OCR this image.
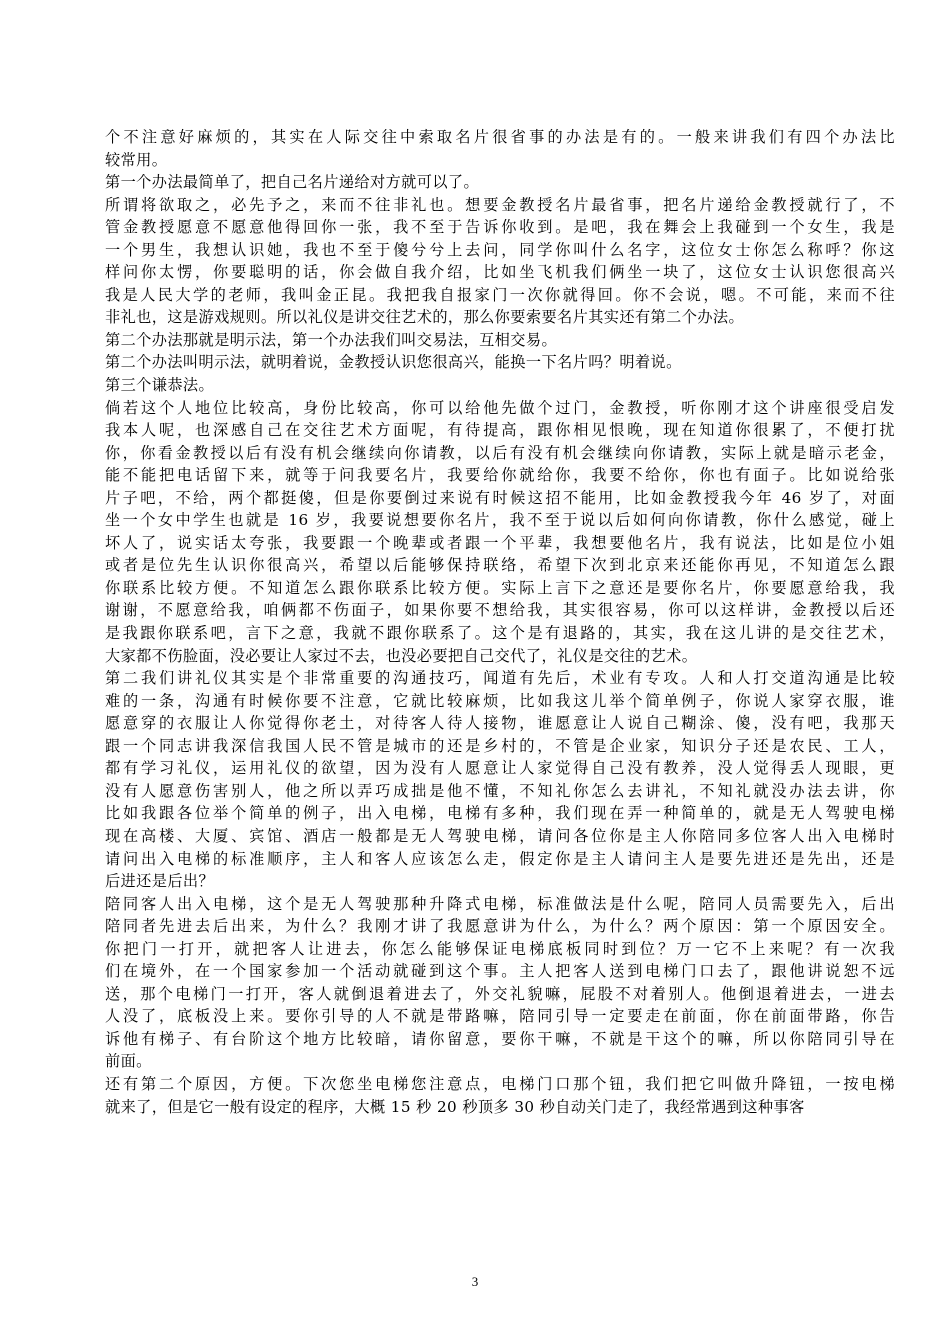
个不注意好麻烦的，其实在人际交往中索取名片很省事的办法是有的。一般来讲我们有四个办法比
较常用。
第一个办法最简单了，把自己名片递给对方就可以了。
所谓将欲取之，必先予之，来而不往非礼也。想要金教授名片最省事，把名片递给金教授就行了，不
管金教授愿意不愿意他得回你一张，我不至于告诉你收到。是吧，我在舞会上我碰到一个女生，我是
一个男生，我想认识她，我也不至于傻兮兮上去问，同学你叫什么名字，这位女士你怎么称呼？你这
样问你太愣，你要聪明的话，你会做自我介绍，比如坐飞机我们俩坐一块了，这位女士认识您很高兴
我是人民大学的老师，我叫金正昆。我把我自报家门一次你就得回。你不会说，嗯。不可能，来而不往
非礼也，这是游戏规则。所以礼仪是讲交往艺术的，那么你要索要名片其实还有第二个办法。
第二个办法那就是明示法，第一个办法我们叫交易法，互相交易。
第二个办法叫明示法，就明着说，金教授认识您很高兴，能换一下名片吗？明着说。
第三个谦恭法。
倘若这个人地位比较高，身份比较高，你可以给他先做个过门，金教授，听你刚才这个讲座很受启发
我本人呢，也深感自己在交往艺术方面呢，有待提高，跟你相见恨晚，现在知道你很累了，不便打扰
你，你看金教授以后有没有机会继续向你请教，以后有没有机会继续向你请教，实际上就是暗示老金，
能不能把电话留下来，就等于问我要名片，我要给你就给你，我要不给你，你也有面子。比如说给张
片子吧，不给，两个都挺傻，但是你要倒过来说有时候这招不能用，比如金教授我今年 46 岁了，对面
坐一个女中学生也就是 16 岁，我要说想要你名片，我不至于说以后如何向你请教，你什么感觉，碰上
坏人了，说实话太夸张，我要跟一个晚辈或者跟一个平辈，我想要他名片，我有说法，比如是位小姐
或者是位先生认识你很高兴，希望以后能够保持联络，希望下次到北京来还能你再见，不知道怎么跟
你联系比较方便。不知道怎么跟你联系比较方便。实际上言下之意还是要你名片，你要愿意给我，我
谢谢，不愿意给我，咱俩都不伤面子，如果你要不想给我，其实很容易，你可以这样讲，金教授以后还
是我跟你联系吧，言下之意，我就不跟你联系了。这个是有退路的，其实，我在这儿讲的是交往艺术，
大家都不伤脸面，没必要让人家过不去，也没必要把自己交代了，礼仪是交往的艺术。
第二我们讲礼仪其实是个非常重要的沟通技巧，闻道有先后，术业有专攻。人和人打交道沟通是比较
难的一条，沟通有时候你要不注意，它就比较麻烦，比如我这儿举个简单例子，你说人家穿衣服，谁
愿意穿的衣服让人你觉得你老土，对待客人待人接物，谁愿意让人说自己糊涂、傻，没有吧，我那天
跟一个同志讲我深信我国人民不管是城市的还是乡村的，不管是企业家，知识分子还是农民、工人，
都有学习礼仪，运用礼仪的欲望，因为没有人愿意让人家觉得自己没有教养，没人觉得丢人现眼，更
没有人愿意伤害别人，他之所以弄巧成拙是他不懂，不知礼你怎么去讲礼，不知礼就没办法去讲，你
比如我跟各位举个简单的例子，出入电梯，电梯有多种，我们现在弄一种简单的，就是无人驾驶电梯
现在高楼、大厦、宾馆、酒店一般都是无人驾驶电梯，请问各位你是主人你陪同多位客人出入电梯时
请问出入电梯的标准顺序，主人和客人应该怎么走，假定你是主人请问主人是要先进还是先出，还是
后进还是后出？
陪同客人出入电梯，这个是无人驾驶那种升降式电梯，标准做法是什么呢，陪同人员需要先入，后出
陪同者先进去后出来，为什么？我刚才讲了我愿意讲为什么，为什么？两个原因：第一个原因安全。
你把门一打开，就把客人让进去，你怎么能够保证电梯底板同时到位？万一它不上来呢？有一次我
们在境外，在一个国家参加一个活动就碰到这个事。主人把客人送到电梯门口去了，跟他讲说恕不远
送，那个电梯门一打开，客人就倒退着进去了，外交礼貌嘛，屁股不对着别人。他倒退着进去，一进去
人没了，底板没上来。要你引导的人不就是带路嘛，陪同引导一定要走在前面，你在前面带路，你告
诉他有梯子、有台阶这个地方比较暗，请你留意，要你干嘛，不就是干这个的嘛，所以你陪同引导在
前面。
还有第二个原因，方便。下次您坐电梯您注意点，电梯门口那个钮，我们把它叫做升降钮，一按电梯
就来了，但是它一般有设定的程序，大概 15 秒 20 秒顶多 30 秒自动关门走了，我经常遇到这种事客
3
